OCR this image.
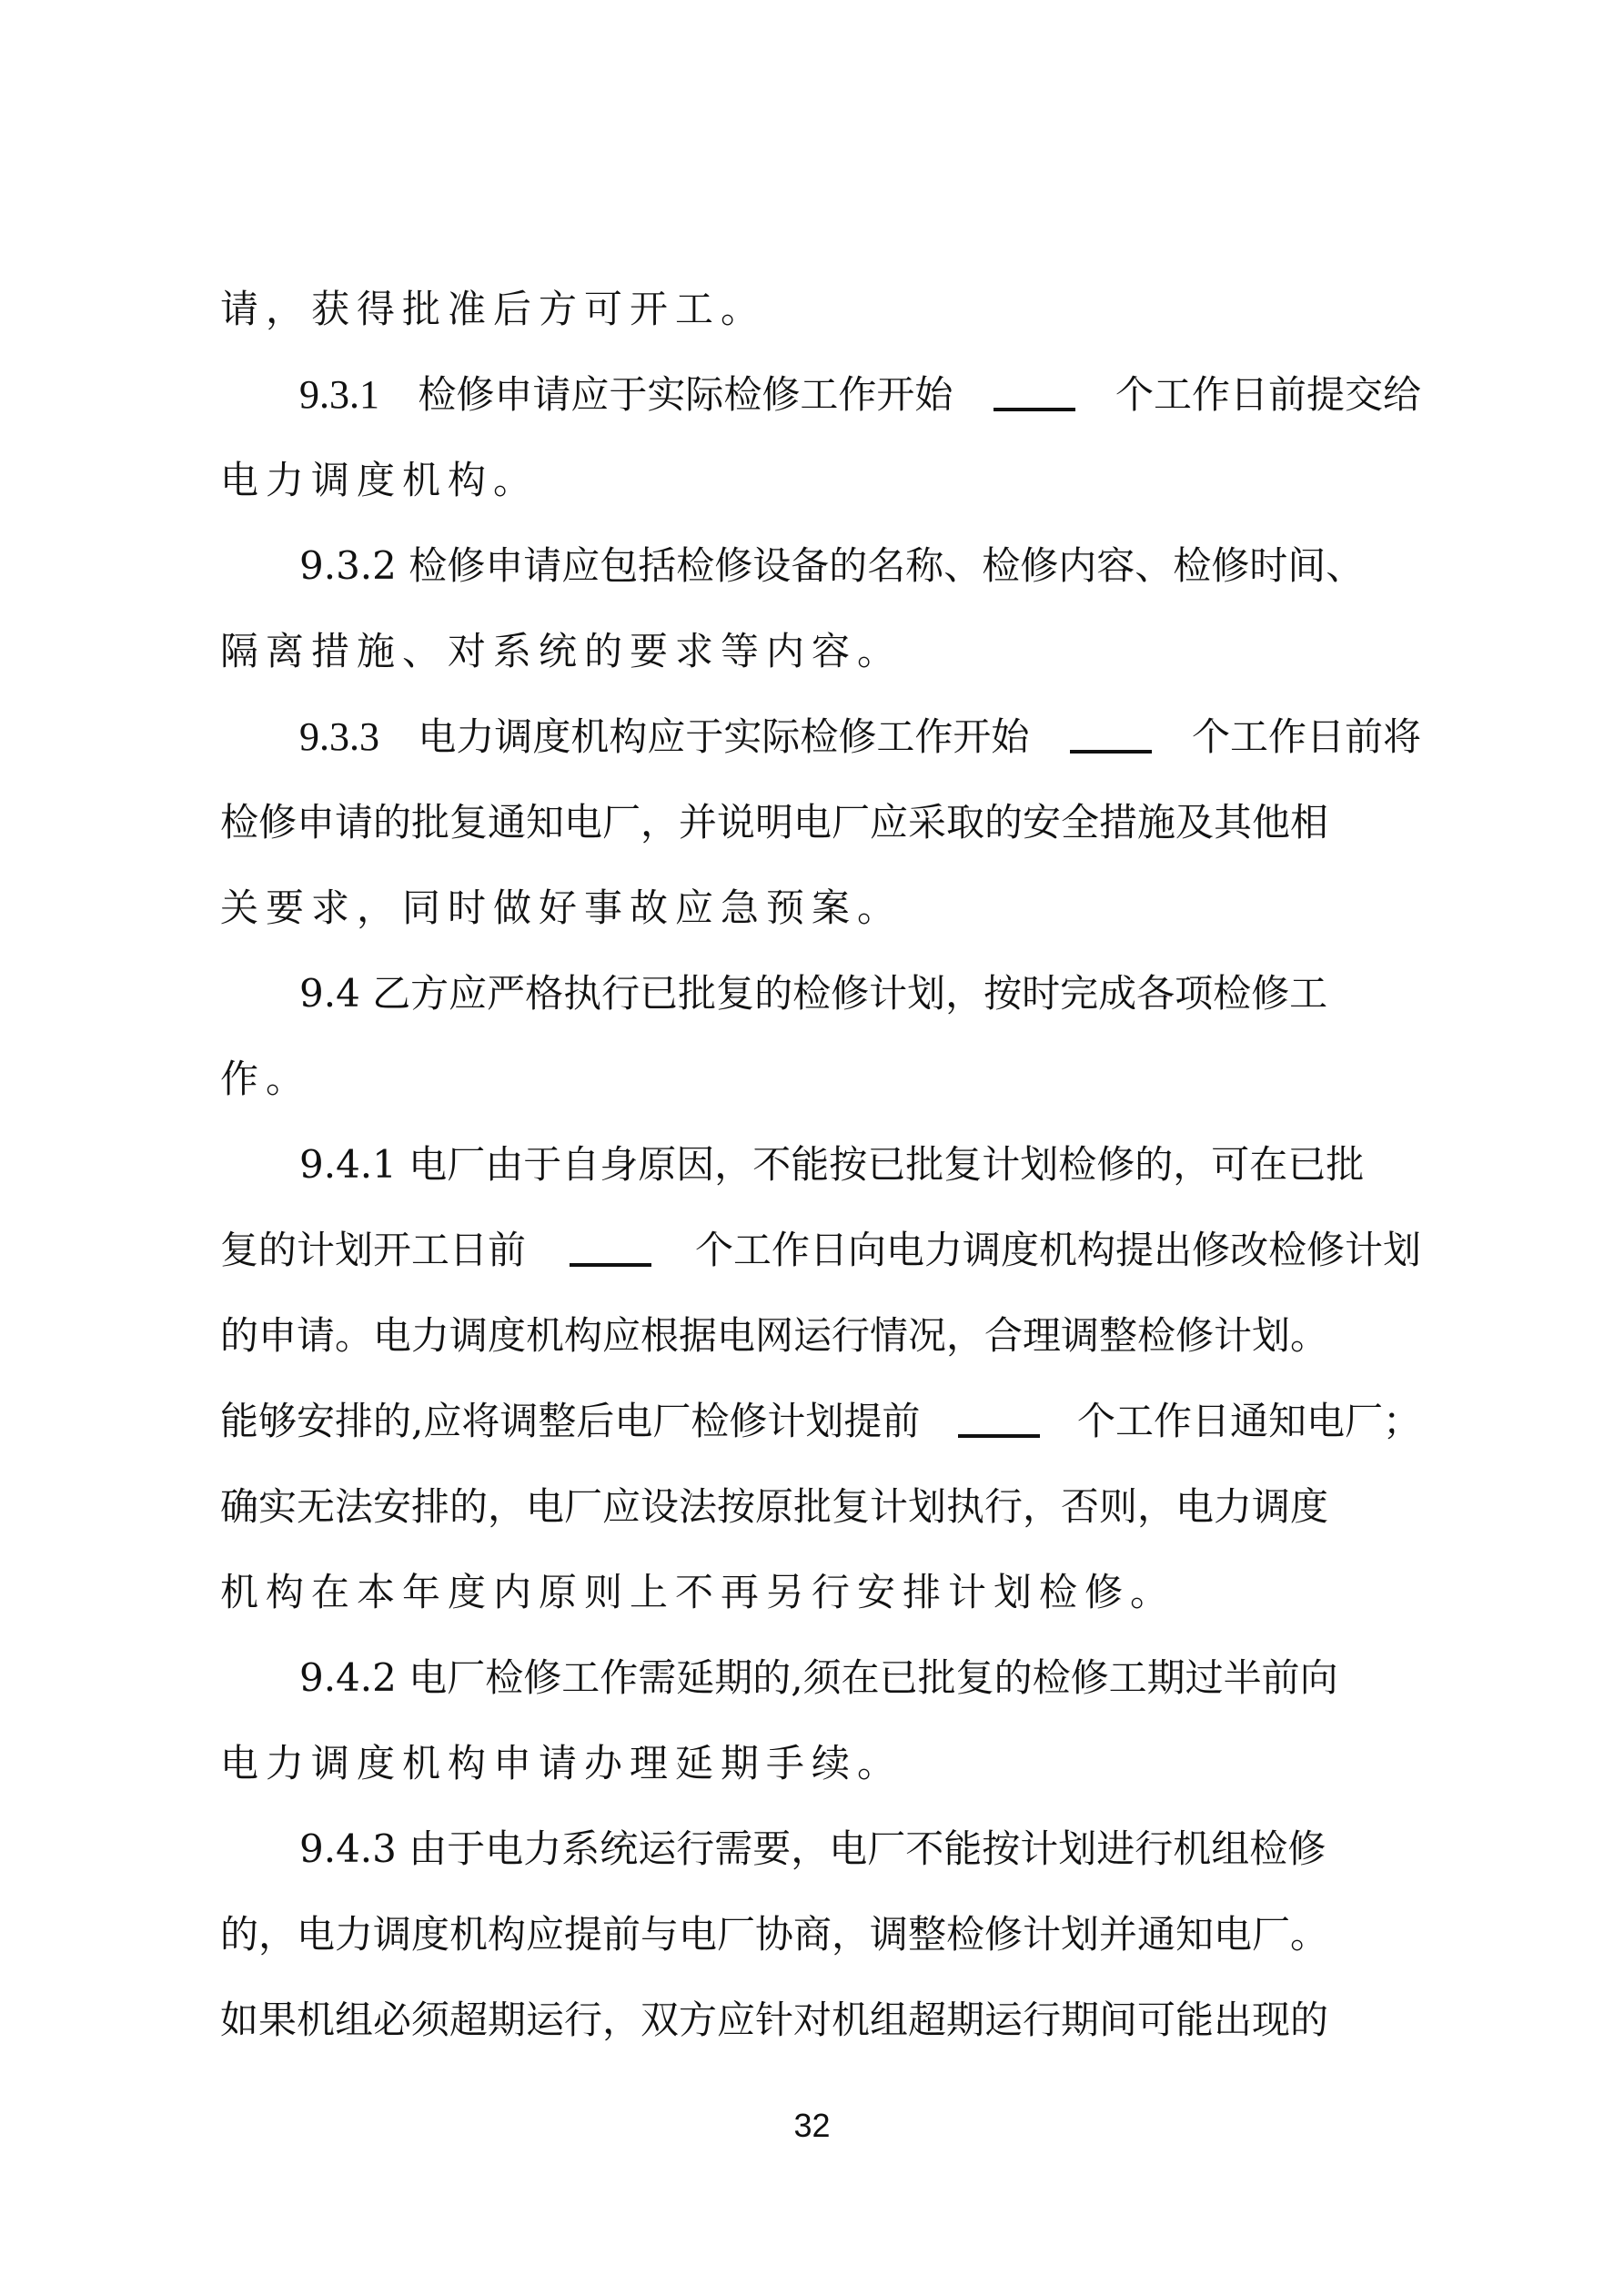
请，获得批准后方可开工。
9.3.1 检修申请应于实际检修工作开始	个工作日前提交给
电力调度机构。
9.3.2 检修申请应包括检修设备的名称、检修内容、检修时间、
隔离措施、对系统的要求等内容。
9.3.3 电力调度机构应于实际检修工作开始	个工作日前将
检修申请的批复通知电厂，并说明电厂应采取的安全措施及其他相
关要求，同时做好事故应急预案。
9.4 乙方应严格执行已批复的检修计划，按时完成各项检修工
作。
9.4.1 电厂由于自身原因，不能按已批复计划检修的，可在已批
复的计划开工日前	个工作日向电力调度机构提出修改检修计划
的申请。电力调度机构应根据电网运行情况，合理调整检修计划。
能够安排的,应将调整后电厂检修计划提前	个工作日通知电厂；
确实无法安排的，电厂应设法按原批复计划执行，否则，电力调度
机构在本年度内原则上不再另行安排计划检修。
9.4.2 电厂检修工作需延期的,须在已批复的检修工期过半前向
电力调度机构申请办理延期手续。
9.4.3 由于电力系统运行需要，电厂不能按计划进行机组检修
的，电力调度机构应提前与电厂协商，调整检修计划并通知电厂。
如果机组必须超期运行，双方应针对机组超期运行期间可能出现的
32
